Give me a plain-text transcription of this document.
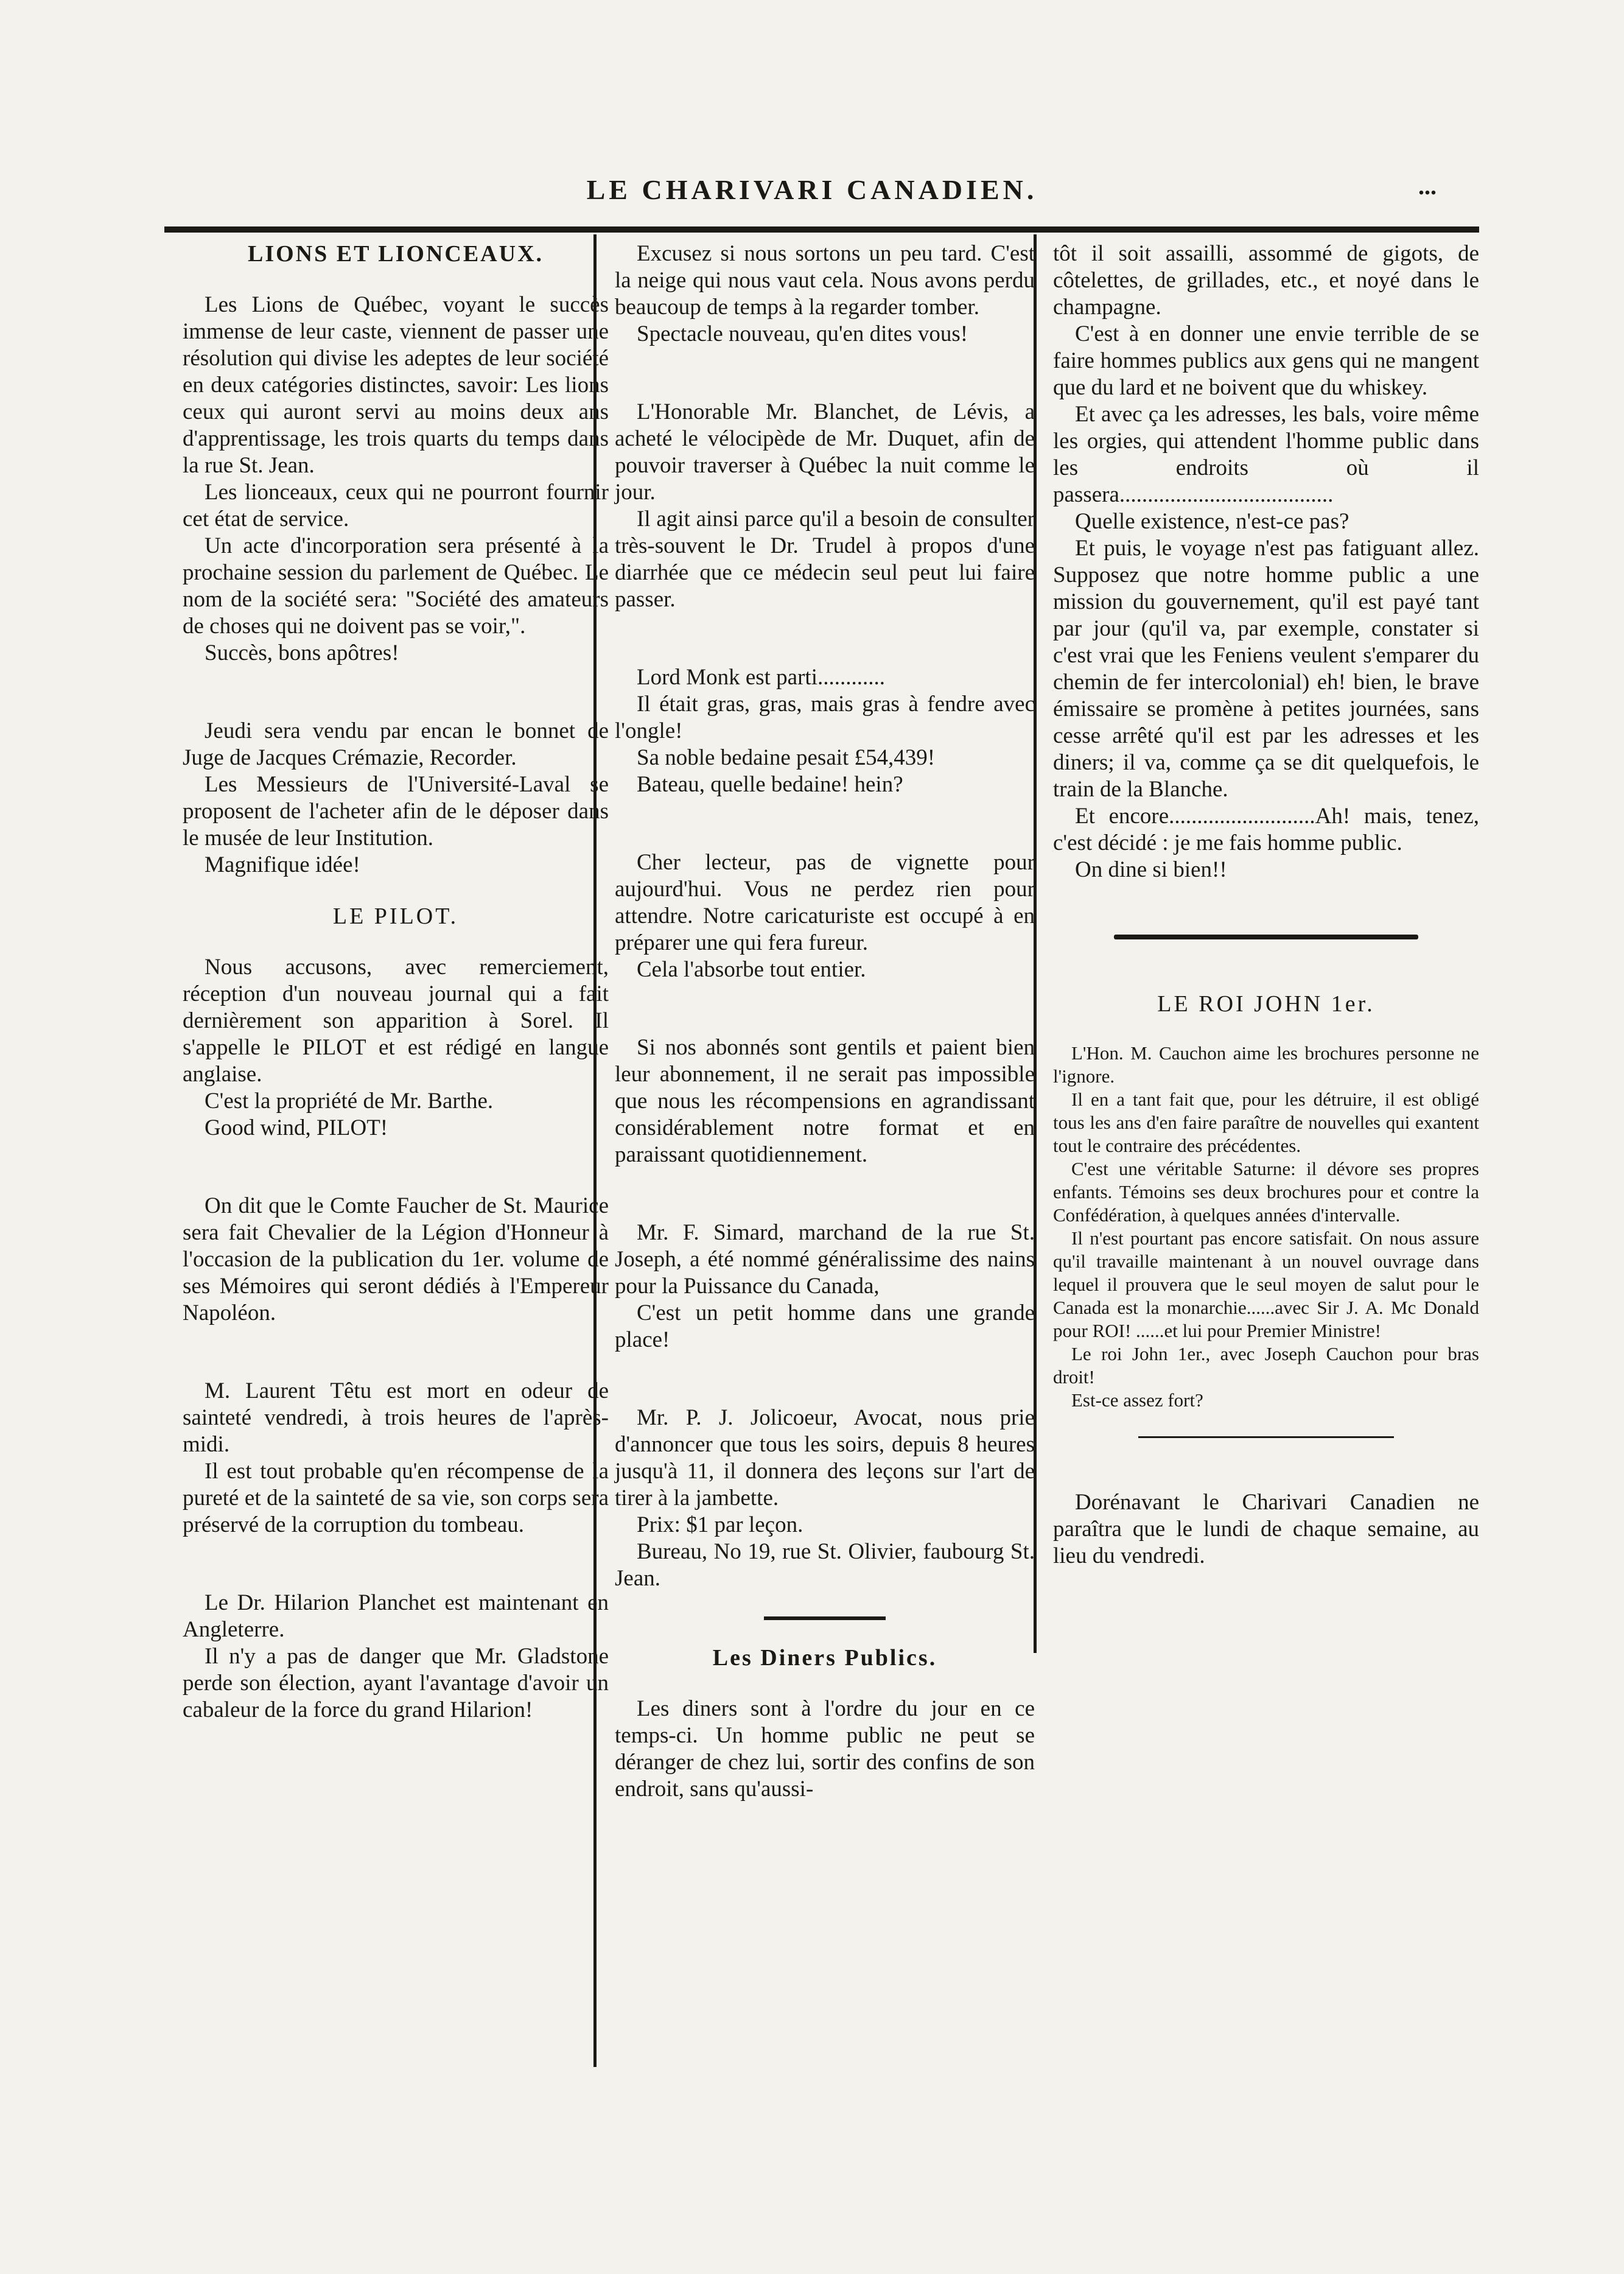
LE CHARIVARI CANADIEN.	...
LIONS ET LIONCEAUX.

Les Lions de Québec, voyant le succès immense de leur caste, viennent de passer une résolution qui divise les adeptes de leur société en deux catégories distinctes, savoir: Les lions ceux qui auront servi au moins deux ans d'apprentissage, les trois quarts du temps dans la rue St. Jean.

Les lionceaux, ceux qui ne pourront fournir cet état de service.

Un acte d'incorporation sera présenté à la prochaine session du parlement de Québec. Le nom de la société sera: "Société des amateurs de choses qui ne doivent pas se voir,".

Succès, bons apôtres!

Jeudi sera vendu par encan le bonnet de Juge de Jacques Crémazie, Recorder.

Les Messieurs de l'Université-Laval se proposent de l'acheter afin de le déposer dans le musée de leur Institution.

Magnifique idée!

LE PILOT.

Nous accusons, avec remerciement, réception d'un nouveau journal qui a fait dernièrement son apparition à Sorel. Il s'appelle le PILOT et est rédigé en langue anglaise.

C'est la propriété de Mr. Barthe.

Good wind, PILOT!

On dit que le Comte Faucher de St. Maurice sera fait Chevalier de la Légion d'Honneur à l'occasion de la publication du 1er. volume de ses Mémoires qui seront dédiés à l'Empereur Napoléon.

M. Laurent Têtu est mort en odeur de sainteté vendredi, à trois heures de l'après-midi.

Il est tout probable qu'en récompense de la pureté et de la sainteté de sa vie, son corps sera préservé de la corruption du tombeau.

Le Dr. Hilarion Planchet est maintenant en Angleterre.

Il n'y a pas de danger que Mr. Gladstone perde son élection, ayant l'avantage d'avoir un cabaleur de la force du grand Hilarion!

Excusez si nous sortons un peu tard. C'est la neige qui nous vaut cela. Nous avons perdu beaucoup de temps à la regarder tomber.

Spectacle nouveau, qu'en dites vous!

L'Honorable Mr. Blanchet, de Lévis, a acheté le vélocipède de Mr. Duquet, afin de pouvoir traverser à Québec la nuit comme le jour.

Il agit ainsi parce qu'il a besoin de consulter très-souvent le Dr. Trudel à propos d'une diarrhée que ce médecin seul peut lui faire passer.

Lord Monk est parti............

Il était gras, gras, mais gras à fendre avec l'ongle!

Sa noble bedaine pesait £54,439!

Bateau, quelle bedaine! hein?

Cher lecteur, pas de vignette pour aujourd'hui. Vous ne perdez rien pour attendre. Notre caricaturiste est occupé à en préparer une qui fera fureur.

Cela l'absorbe tout entier.

Si nos abonnés sont gentils et paient bien leur abonnement, il ne serait pas impossible que nous les récompensions en agrandissant considérablement notre format et en paraissant quotidiennement.

Mr. F. Simard, marchand de la rue St. Joseph, a été nommé généralissime des nains pour la Puissance du Canada,

C'est un petit homme dans une grande place!

Mr. P. J. Jolicoeur, Avocat, nous prie d'annoncer que tous les soirs, depuis 8 heures jusqu'à 11, il donnera des leçons sur l'art de tirer à la jambette.

Prix: $1 par leçon.

Bureau, No 19, rue St. Olivier, faubourg St. Jean.

Les Diners Publics.

Les diners sont à l'ordre du jour en ce temps-ci. Un homme public ne peut se déranger de chez lui, sortir des confins de son endroit, sans qu'aussi-

tôt il soit assailli, assommé de gigots, de côtelettes, de grillades, etc., et noyé dans le champagne.

C'est à en donner une envie terrible de se faire hommes publics aux gens qui ne mangent que du lard et ne boivent que du whiskey.

Et avec ça les adresses, les bals, voire même les orgies, qui attendent l'homme public dans les endroits où il passera......................................

Quelle existence, n'est-ce pas?

Et puis, le voyage n'est pas fatiguant allez. Supposez que notre homme public a une mission du gouvernement, qu'il est payé tant par jour (qu'il va, par exemple, constater si c'est vrai que les Feniens veulent s'emparer du chemin de fer intercolonial) eh! bien, le brave émissaire se promène à petites journées, sans cesse arrêté qu'il est par les adresses et les diners; il va, comme ça se dit quelquefois, le train de la Blanche.

Et encore..........................Ah! mais, tenez, c'est décidé : je me fais homme public.

On dine si bien!!

LE ROI JOHN 1er.

L'Hon. M. Cauchon aime les brochures personne ne l'ignore.

Il en a tant fait que, pour les détruire, il est obligé tous les ans d'en faire paraître de nouvelles qui exantent tout le contraire des précédentes.

C'est une véritable Saturne: il dévore ses propres enfants. Témoins ses deux brochures pour et contre la Confédération, à quelques années d'intervalle.

Il n'est pourtant pas encore satisfait. On nous assure qu'il travaille maintenant à un nouvel ouvrage dans lequel il prouvera que le seul moyen de salut pour le Canada est la monarchie......avec Sir J. A. Mc Donald pour ROI! ......et lui pour Premier Ministre!

Le roi John 1er., avec Joseph Cauchon pour bras droit!

Est-ce assez fort?

Dorénavant le Charivari Canadien ne paraîtra que le lundi de chaque semaine, au lieu du vendredi.
